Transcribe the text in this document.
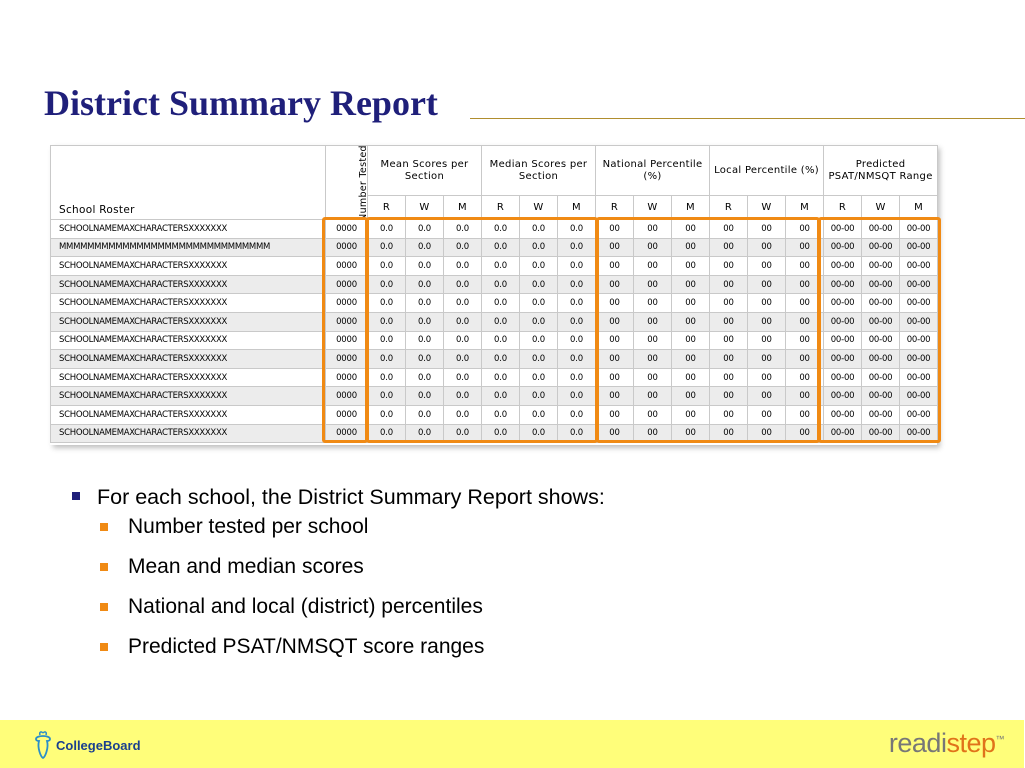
District Summary Report
School Roster	Number Tested	Mean Scores per Section			Median Scores per Section			National Percentile (%)			Local Percentile (%)			Predicted PSAT/NMSQT Range		
		R	W	M	R	W	M	R	W	M	R	W	M	R	W	M
SCHOOLNAMEMAXCHARACTERSXXXXXXX	0000	0.0	0.0	0.0	0.0	0.0	0.0	00	00	00	00	00	00	00-00	00-00	00-00
MMMMMMMMMMMMMMMMMMMMMMMMMMMMMM	0000	0.0	0.0	0.0	0.0	0.0	0.0	00	00	00	00	00	00	00-00	00-00	00-00
SCHOOLNAMEMAXCHARACTERSXXXXXXX	0000	0.0	0.0	0.0	0.0	0.0	0.0	00	00	00	00	00	00	00-00	00-00	00-00
SCHOOLNAMEMAXCHARACTERSXXXXXXX	0000	0.0	0.0	0.0	0.0	0.0	0.0	00	00	00	00	00	00	00-00	00-00	00-00
SCHOOLNAMEMAXCHARACTERSXXXXXXX	0000	0.0	0.0	0.0	0.0	0.0	0.0	00	00	00	00	00	00	00-00	00-00	00-00
SCHOOLNAMEMAXCHARACTERSXXXXXXX	0000	0.0	0.0	0.0	0.0	0.0	0.0	00	00	00	00	00	00	00-00	00-00	00-00
SCHOOLNAMEMAXCHARACTERSXXXXXXX	0000	0.0	0.0	0.0	0.0	0.0	0.0	00	00	00	00	00	00	00-00	00-00	00-00
SCHOOLNAMEMAXCHARACTERSXXXXXXX	0000	0.0	0.0	0.0	0.0	0.0	0.0	00	00	00	00	00	00	00-00	00-00	00-00
SCHOOLNAMEMAXCHARACTERSXXXXXXX	0000	0.0	0.0	0.0	0.0	0.0	0.0	00	00	00	00	00	00	00-00	00-00	00-00
SCHOOLNAMEMAXCHARACTERSXXXXXXX	0000	0.0	0.0	0.0	0.0	0.0	0.0	00	00	00	00	00	00	00-00	00-00	00-00
SCHOOLNAMEMAXCHARACTERSXXXXXXX	0000	0.0	0.0	0.0	0.0	0.0	0.0	00	00	00	00	00	00	00-00	00-00	00-00
SCHOOLNAMEMAXCHARACTERSXXXXXXX	0000	0.0	0.0	0.0	0.0	0.0	0.0	00	00	00	00	00	00	00-00	00-00	00-00
For each school, the District Summary Report shows:
Number tested per school
Mean and median scores
National and local (district) percentiles
Predicted PSAT/NMSQT score ranges
CollegeBoard	readistep™
